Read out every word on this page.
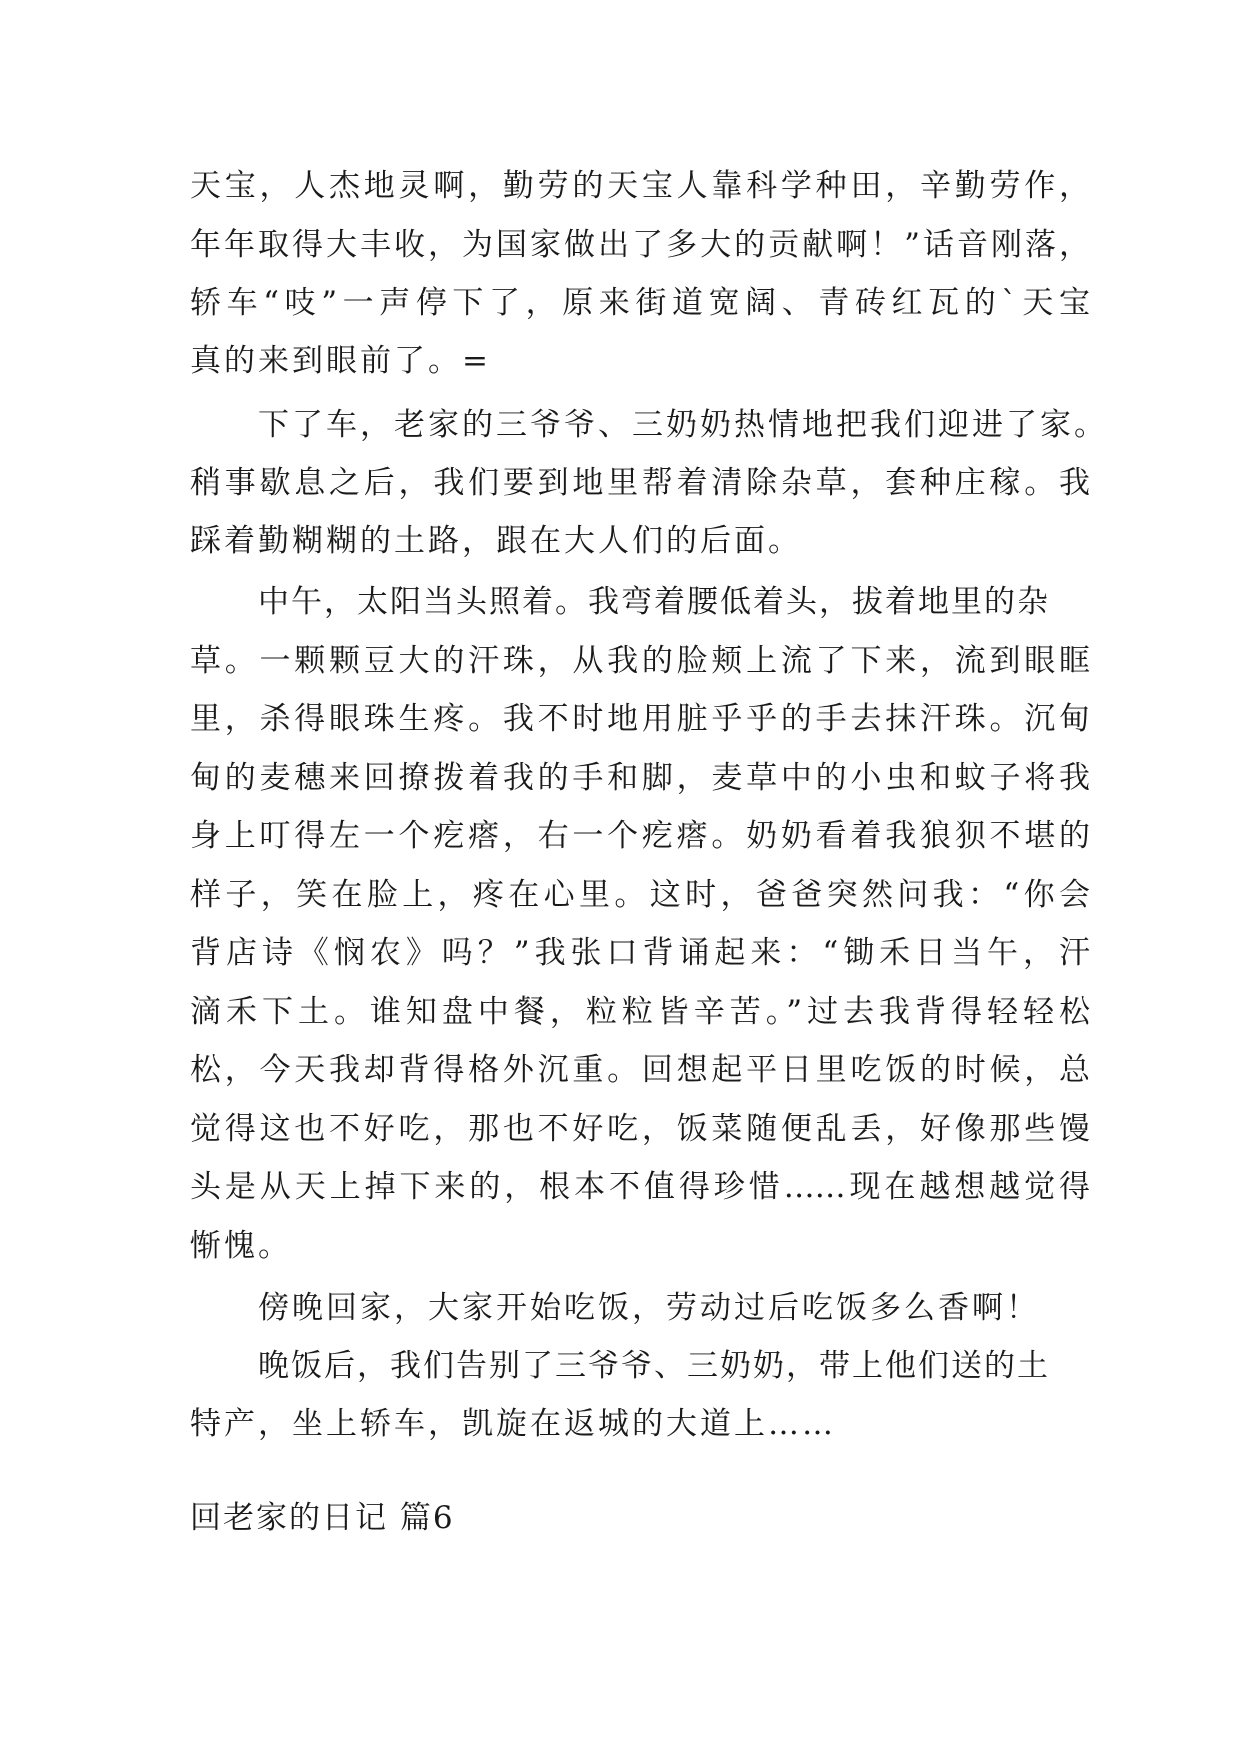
天宝，人杰地灵啊，勤劳的天宝人靠科学种田，辛勤劳作，
年年取得大丰收，为国家做出了多大的贡献啊！”话音刚落，
轿车“吱”一声停下了，原来街道宽阔、青砖红瓦的`天宝
真的来到眼前了。=
下了车，老家的三爷爷、三奶奶热情地把我们迎进了家。
稍事歇息之后，我们要到地里帮着清除杂草，套种庄稼。我
踩着勤糊糊的土路，跟在大人们的后面。
中午，太阳当头照着。我弯着腰低着头，拔着地里的杂
草。一颗颗豆大的汗珠，从我的脸颊上流了下来，流到眼眶
里，杀得眼珠生疼。我不时地用脏乎乎的手去抹汗珠。沉甸
甸的麦穗来回撩拨着我的手和脚，麦草中的小虫和蚊子将我
身上叮得左一个疙瘩，右一个疙瘩。奶奶看着我狼狈不堪的
样子，笑在脸上，疼在心里。这时，爸爸突然问我：“你会
背店诗《悯农》吗？”我张口背诵起来：“锄禾日当午，汗
滴禾下土。谁知盘中餐，粒粒皆辛苦。”过去我背得轻轻松
松，今天我却背得格外沉重。回想起平日里吃饭的时候，总
觉得这也不好吃，那也不好吃，饭菜随便乱丢，好像那些馒
头是从天上掉下来的，根本不值得珍惜……现在越想越觉得
惭愧。
傍晚回家，大家开始吃饭，劳动过后吃饭多么香啊！
晚饭后，我们告别了三爷爷、三奶奶，带上他们送的土
特产，坐上轿车，凯旋在返城的大道上……
回老家的日记 篇6
